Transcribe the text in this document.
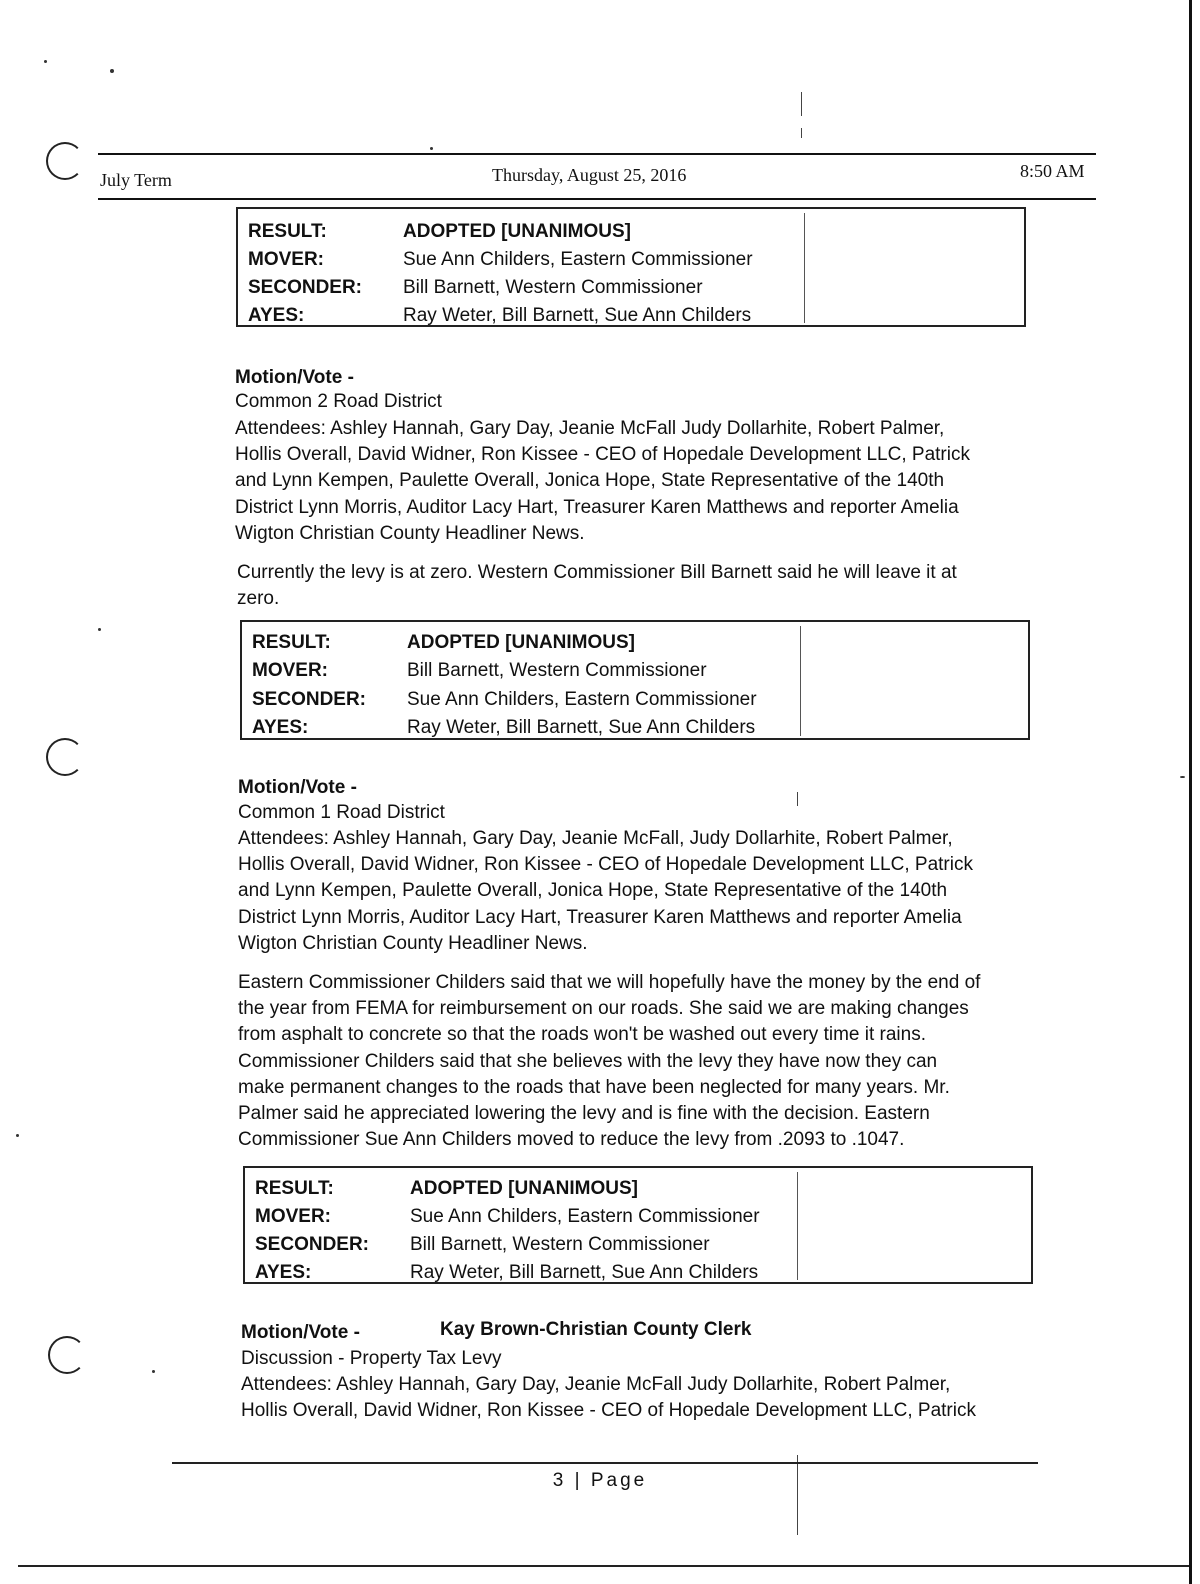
July Term	Thursday, August 25, 2016	8:50 AM
RESULT:	ADOPTED [UNANIMOUS]
MOVER:	Sue Ann Childers, Eastern Commissioner
SECONDER: Bill Barnett, Western Commissioner
AYES:	Ray Weter, Bill Barnett, Sue Ann Childers
Motion/Vote -
Common 2 Road District
Attendees: Ashley Hannah, Gary Day, Jeanie McFall Judy Dollarhite, Robert Palmer,
Hollis Overall, David Widner, Ron Kissee - CEO of Hopedale Development LLC, Patrick
and Lynn Kempen, Paulette Overall, Jonica Hope, State Representative of the 140th
District Lynn Morris, Auditor Lacy Hart, Treasurer Karen Matthews and reporter Amelia
Wigton Christian County Headliner News.
Currently the levy is at zero. Western Commissioner Bill Barnett said he will leave it at
zero.
RESULT:	ADOPTED [UNANIMOUS]
MOVER:	Bill Barnett, Western Commissioner
SECONDER: Sue Ann Childers, Eastern Commissioner
AYES:	Ray Weter, Bill Barnett, Sue Ann Childers
Motion/Vote -
Common 1 Road District
Attendees: Ashley Hannah, Gary Day, Jeanie McFall, Judy Dollarhite, Robert Palmer,
Hollis Overall, David Widner, Ron Kissee - CEO of Hopedale Development LLC, Patrick
and Lynn Kempen, Paulette Overall, Jonica Hope, State Representative of the 140th
District Lynn Morris, Auditor Lacy Hart, Treasurer Karen Matthews and reporter Amelia
Wigton Christian County Headliner News.
Eastern Commissioner Childers said that we will hopefully have the money by the end of
the year from FEMA for reimbursement on our roads. She said we are making changes
from asphalt to concrete so that the roads won't be washed out every time it rains.
Commissioner Childers said that she believes with the levy they have now they can
make permanent changes to the roads that have been neglected for many years. Mr.
Palmer said he appreciated lowering the levy and is fine with the decision. Eastern
Commissioner Sue Ann Childers moved to reduce the levy from .2093 to .1047.
RESULT:	ADOPTED [UNANIMOUS]
MOVER:	Sue Ann Childers, Eastern Commissioner
SECONDER: Bill Barnett, Western Commissioner
AYES:	Ray Weter, Bill Barnett, Sue Ann Childers
Motion/Vote -	Kay Brown-Christian County Clerk
Discussion - Property Tax Levy
Attendees: Ashley Hannah, Gary Day, Jeanie McFall Judy Dollarhite, Robert Palmer,
Hollis Overall, David Widner, Ron Kissee - CEO of Hopedale Development LLC, Patrick
3 | Page
